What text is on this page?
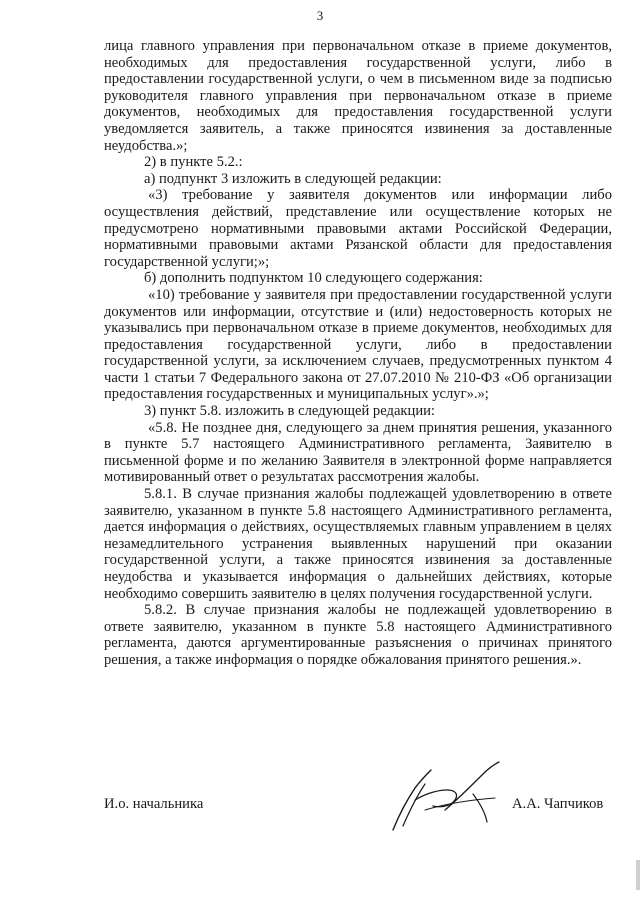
3

лица главного управления при первоначальном отказе в приеме документов, необходимых для предоставления государственной услуги, либо в предоставлении государственной услуги, о чем в письменном виде за подписью руководителя главного управления при первоначальном отказе в приеме документов, необходимых для предоставления государственной услуги уведомляется заявитель, а также приносятся извинения за доставленные неудобства.»;

2) в пункте 5.2.:

а) подпункт 3 изложить в следующей редакции:

«3) требование у заявителя документов или информации либо осуществления действий, представление или осуществление которых не предусмотрено нормативными правовыми актами Российской Федерации, нормативными правовыми актами Рязанской области для предоставления государственной услуги;»;

б) дополнить подпунктом 10 следующего содержания:

«10) требование у заявителя при предоставлении государственной услуги документов или информации, отсутствие и (или) недостоверность которых не указывались при первоначальном отказе в приеме документов, необходимых для предоставления государственной услуги, либо в предоставлении государственной услуги, за исключением случаев, предусмотренных пунктом 4 части 1 статьи 7 Федерального закона от 27.07.2010 № 210-ФЗ «Об организации предоставления государственных и муниципальных услуг».»;

3) пункт 5.8. изложить в следующей редакции:

«5.8. Не позднее дня, следующего за днем принятия решения, указанного в пункте 5.7 настоящего Административного регламента, Заявителю в письменной форме и по желанию Заявителя в электронной форме направляется мотивированный ответ о результатах рассмотрения жалобы.

5.8.1. В случае признания жалобы подлежащей удовлетворению в ответе заявителю, указанном в пункте 5.8 настоящего Административного регламента, дается информация о действиях, осуществляемых главным управлением в целях незамедлительного устранения выявленных нарушений при оказании государственной услуги, а также приносятся извинения за доставленные неудобства и указывается информация о дальнейших действиях, которые необходимо совершить заявителю в целях получения государственной услуги.

5.8.2. В случае признания жалобы не подлежащей удовлетворению в ответе заявителю, указанном в пункте 5.8 настоящего Административного регламента, даются аргументированные разъяснения о причинах принятого решения, а также информация о порядке обжалования принятого решения.».

И.о. начальника	А.А. Чапчиков
